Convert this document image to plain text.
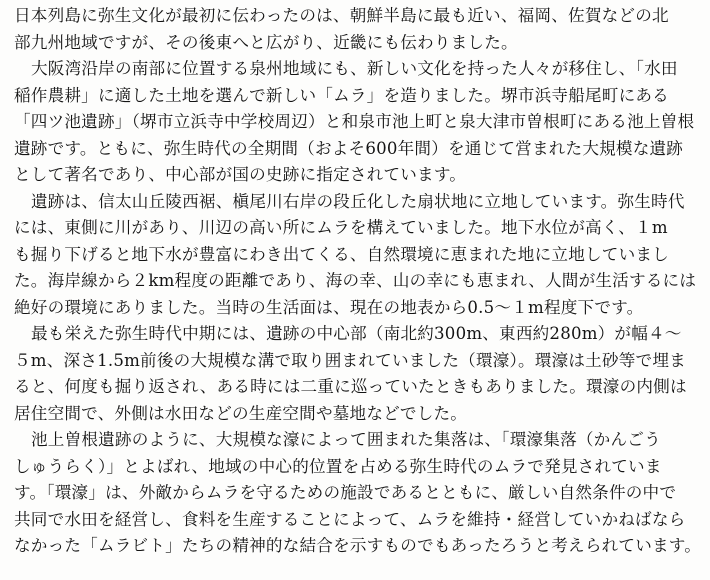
日本列島に弥生文化が最初に伝わったのは、朝鮮半島に最も近い、福岡、佐賀などの北
部九州地域ですが、その後東へと広がり、近畿にも伝わりました。

大阪湾沿岸の南部に位置する泉州地域にも、新しい文化を持った人々が移住し、「水田
稲作農耕」に適した土地を選んで新しい「ムラ」を造りました。堺市浜寺船尾町にある
「四ツ池遺跡」（堺市立浜寺中学校周辺）と和泉市池上町と泉大津市曽根町にある池上曽根
遺跡です。ともに、弥生時代の全期間（およそ600年間）を通じて営まれた大規模な遺跡
として著名であり、中心部が国の史跡に指定されています。

遺跡は、信太山丘陵西裾、槇尾川右岸の段丘化した扇状地に立地しています。弥生時代
には、東側に川があり、川辺の高い所にムラを構えていました。地下水位が高く、１m
も掘り下げると地下水が豊富にわき出てくる、自然環境に恵まれた地に立地していまし
た。海岸線から２km程度の距離であり、海の幸、山の幸にも恵まれ、人間が生活するには
絶好の環境にありました。当時の生活面は、現在の地表から0.5～１m程度下です。

最も栄えた弥生時代中期には、遺跡の中心部（南北約300m、東西約280m）が幅４～
５m、深さ1.5m前後の大規模な溝で取り囲まれていました（環濠）。環濠は土砂等で埋ま
ると、何度も掘り返され、ある時には二重に巡っていたときもありました。環濠の内側は
居住空間で、外側は水田などの生産空間や墓地などでした。

池上曽根遺跡のように、大規模な濠によって囲まれた集落は、「環濠集落（かんごう
しゅうらく）」とよばれ、地域の中心的位置を占める弥生時代のムラで発見されていま
す。「環濠」は、外敵からムラを守るための施設であるとともに、厳しい自然条件の中で
共同で水田を経営し、食料を生産することによって、ムラを維持・経営していかねばなら
なかった「ムラビト」たちの精神的な結合を示すものでもあったろうと考えられています。
